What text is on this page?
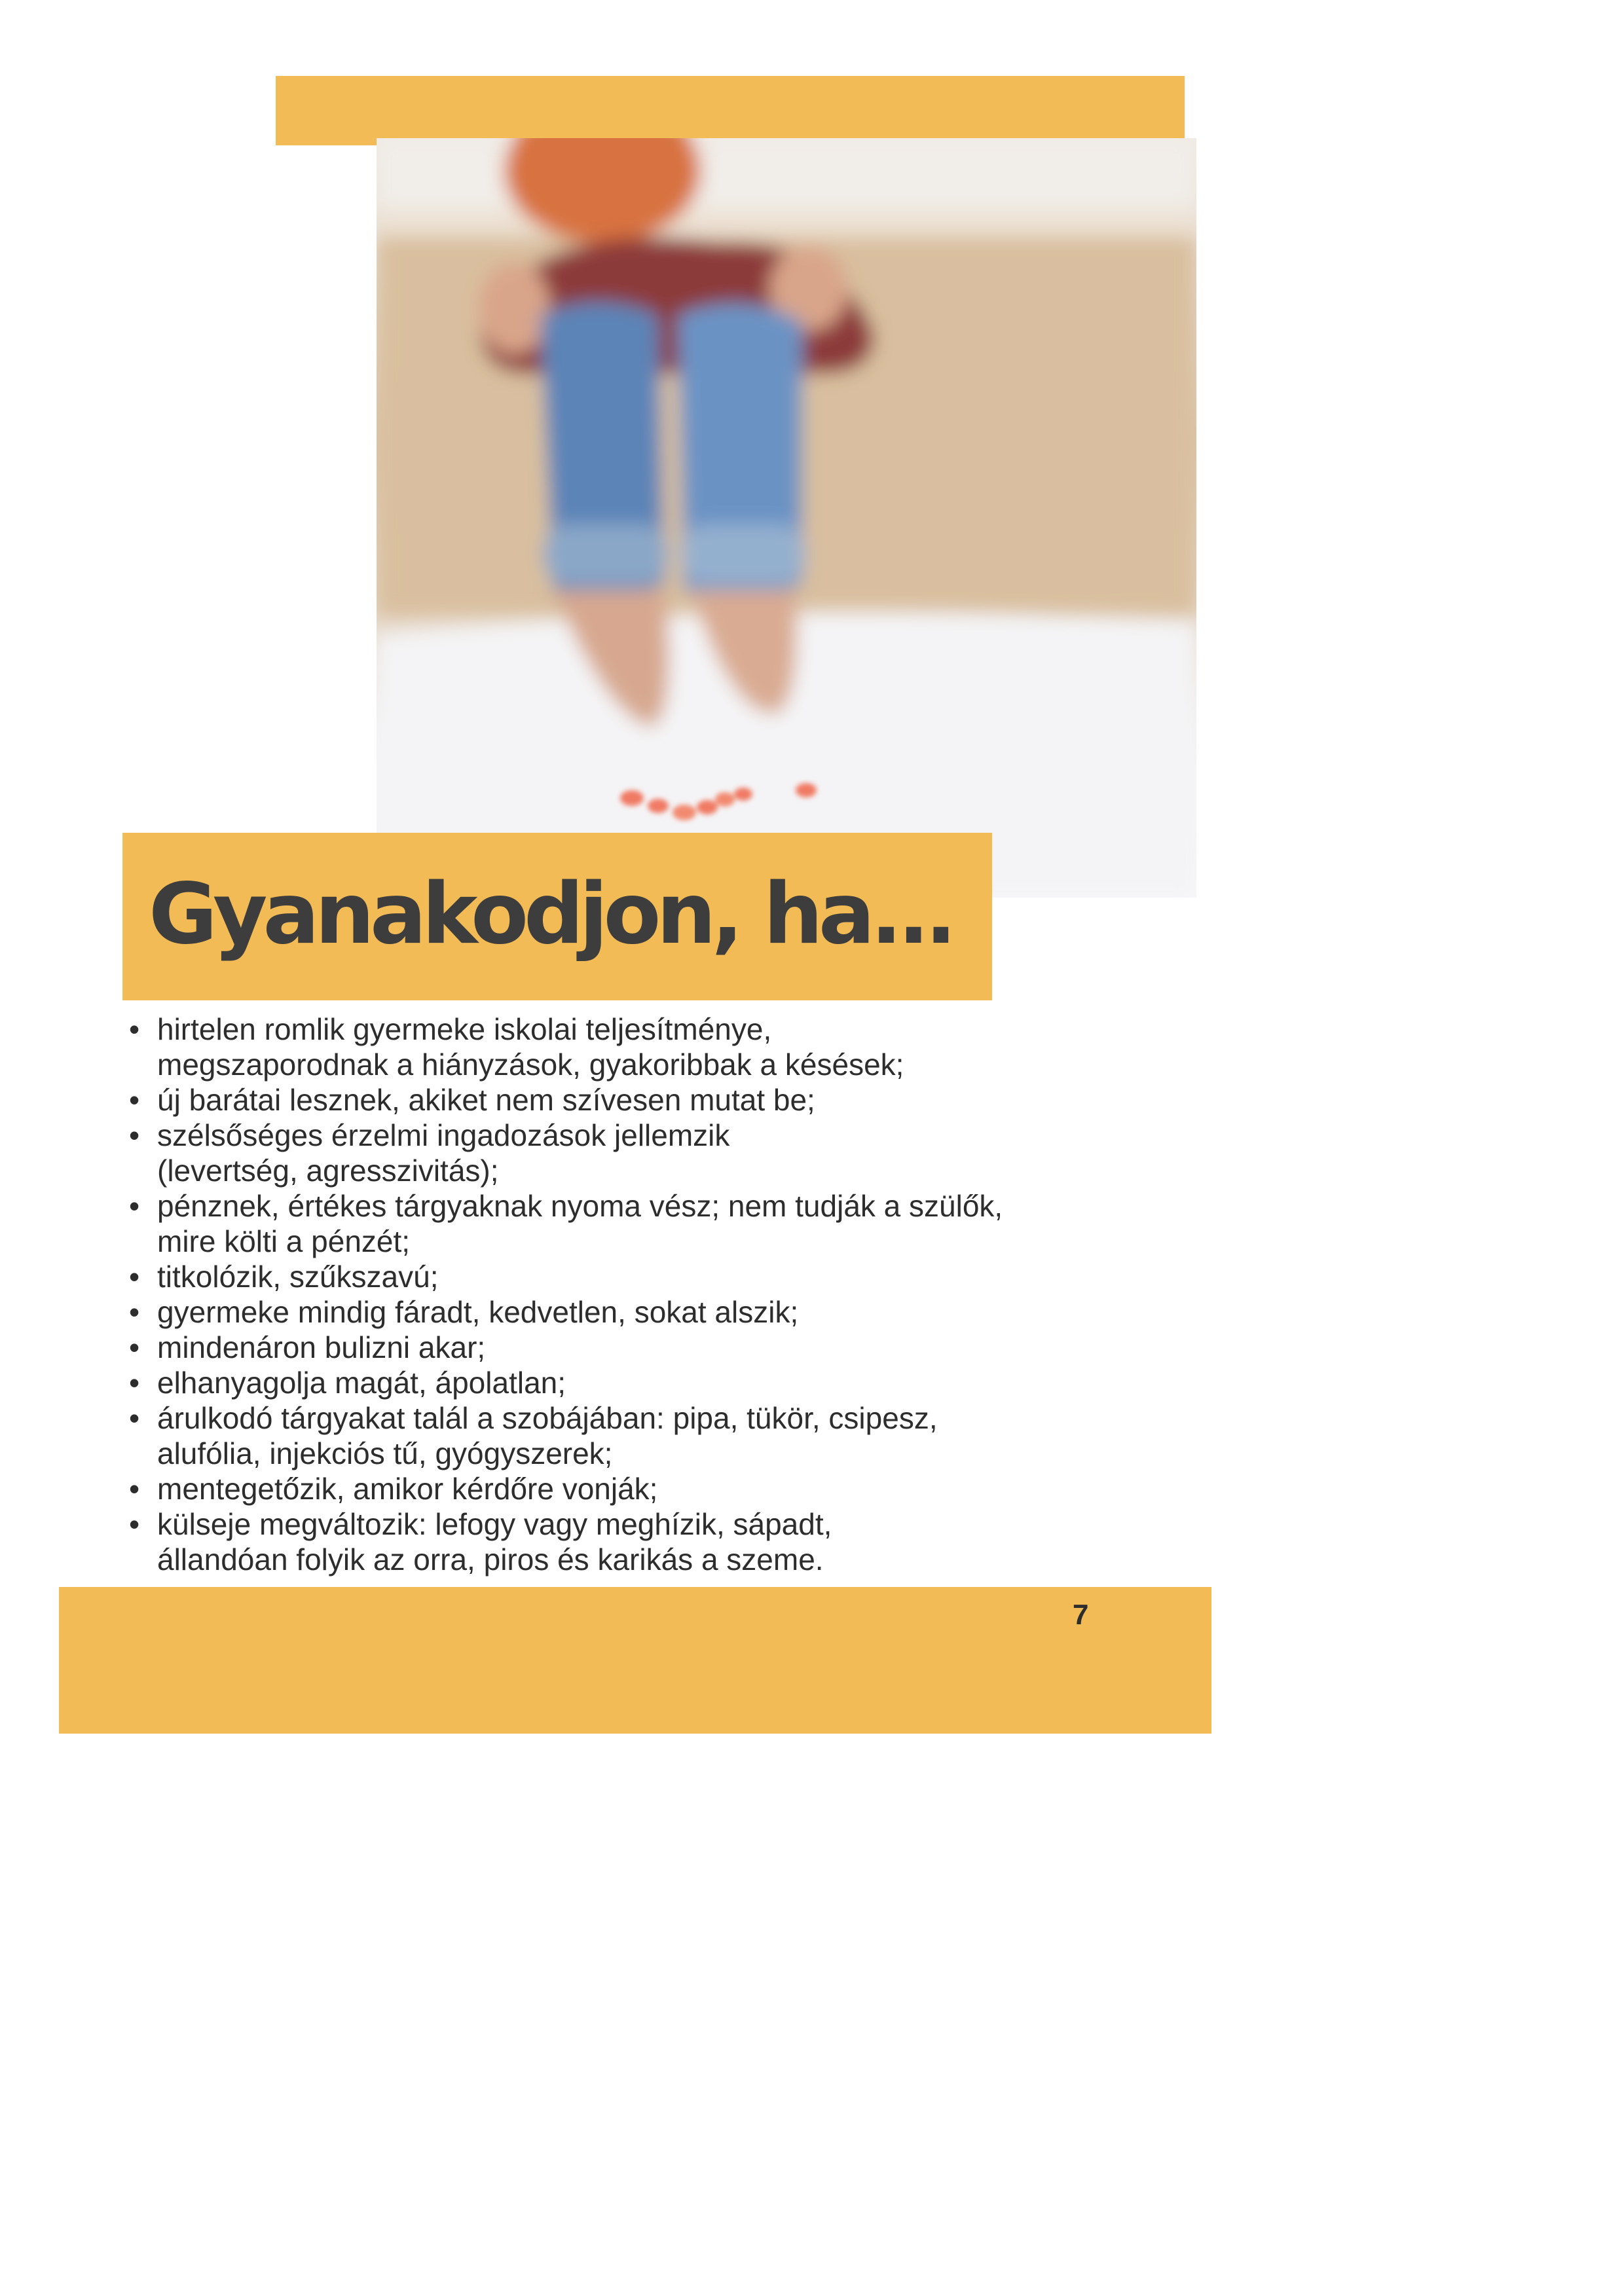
Gyanakodjon, ha...
• hirtelen romlik gyermeke iskolai teljesítménye,
megszaporodnak a hiányzások, gyakoribbak a késések;
• új barátai lesznek, akiket nem szívesen mutat be;
• szélsőséges érzelmi ingadozások jellemzik
(levertség, agresszivitás);
• pénznek, értékes tárgyaknak nyoma vész; nem tudják a szülők,
mire költi a pénzét;
• titkolózik, szűkszavú;
• gyermeke mindig fáradt, kedvetlen, sokat alszik;
• mindenáron bulizni akar;
• elhanyagolja magát, ápolatlan;
• árulkodó tárgyakat talál a szobájában: pipa, tükör, csipesz,
alufólia, injekciós tű, gyógyszerek;
• mentegetőzik, amikor kérdőre vonják;
• külseje megváltozik: lefogy vagy meghízik, sápadt,
állandóan folyik az orra, piros és karikás a szeme.
7
